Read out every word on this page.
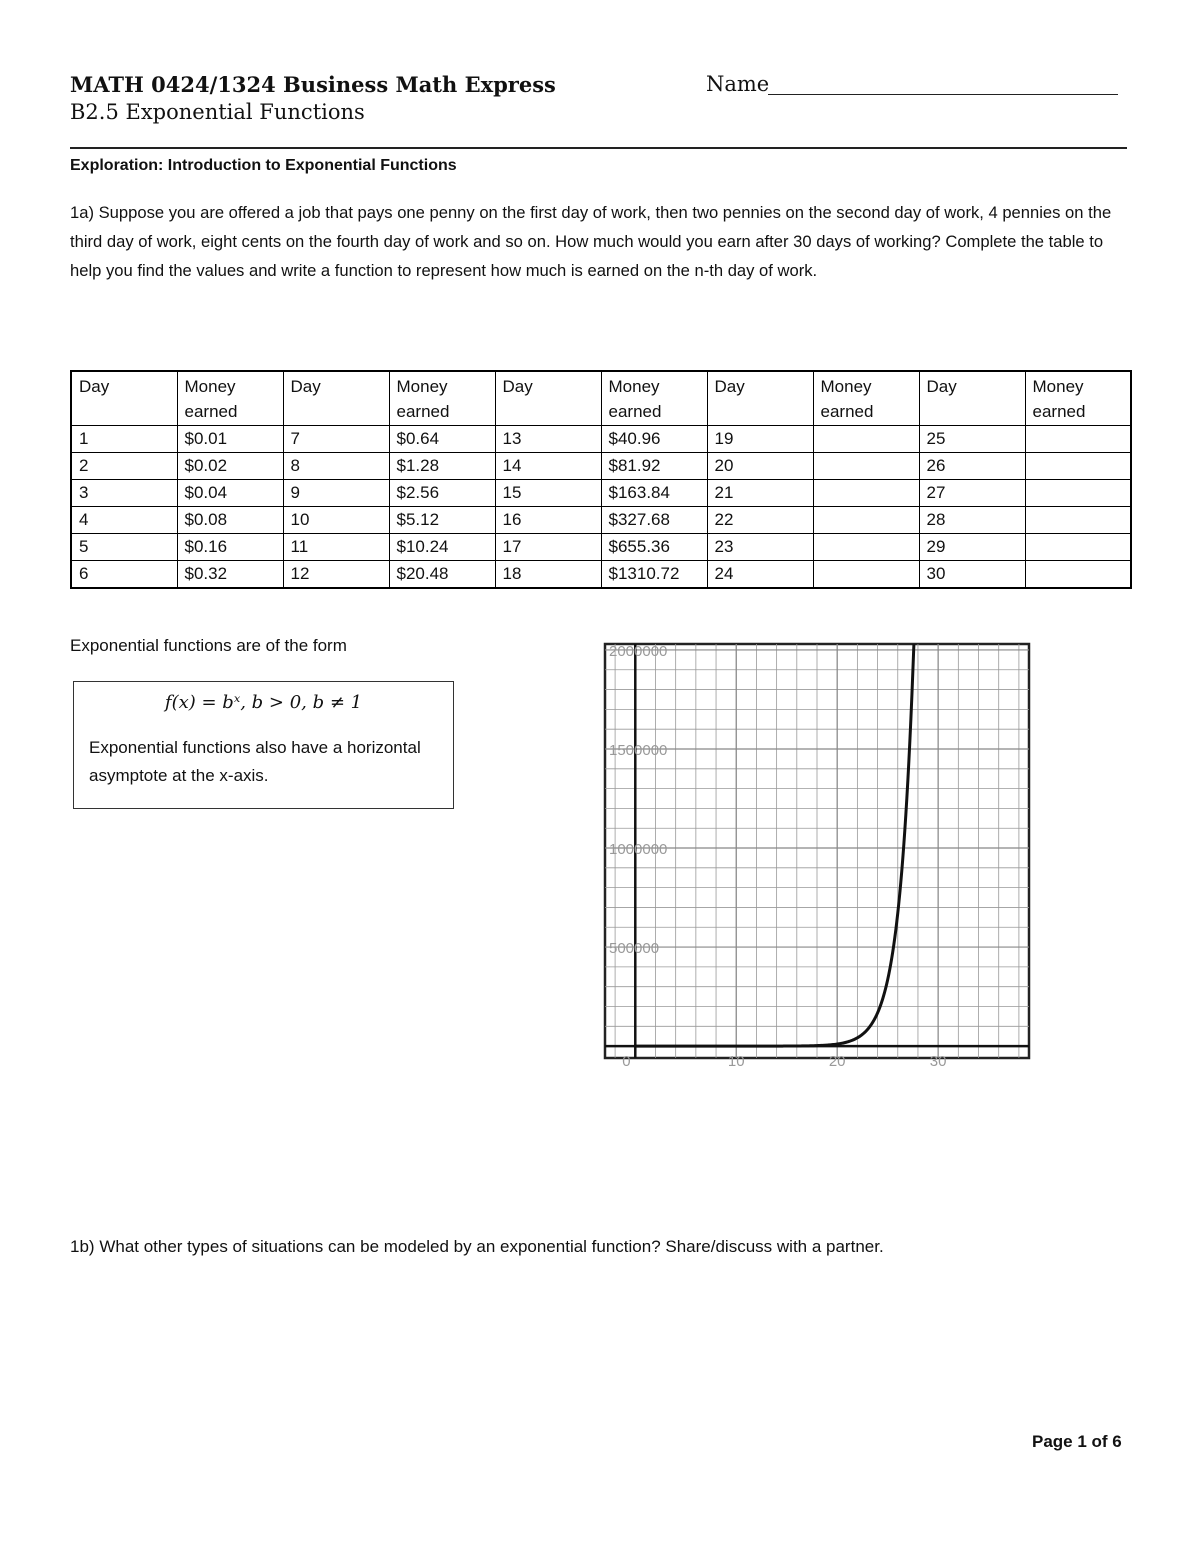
MATH 0424/1324 Business Math Express	Name
B2.5 Exponential Functions
Exploration: Introduction to Exponential Functions
1a) Suppose you are offered a job that pays one penny on the first day of work, then two pennies on the second day of work, 4 pennies on the third day of work, eight cents on the fourth day of work and so on. How much would you earn after 30 days of working? Complete the table to help you find the values and write a function to represent how much is earned on the n-th day of work.
Day	Money earned	Day	Money earned	Day	Money earned	Day	Money earned	Day	Money earned
1	$0.01	7	$0.64	13	$40.96	19		25	
2	$0.02	8	$1.28	14	$81.92	20		26	
3	$0.04	9	$2.56	15	$163.84	21		27	
4	$0.08	10	$5.12	16	$327.68	22		28	
5	$0.16	11	$10.24	17	$655.36	23		29	
6	$0.32	12	$20.48	18	$1310.72	24		30	
Exponential functions are of the form
f(x) = bˣ, b > 0, b ≠ 1
Exponential functions also have a horizontal asymptote at the x-axis.
0	10	20	30
500000
1000000
1500000
2000000
1b) What other types of situations can be modeled by an exponential function? Share/discuss with a partner.
Page 1 of 6
